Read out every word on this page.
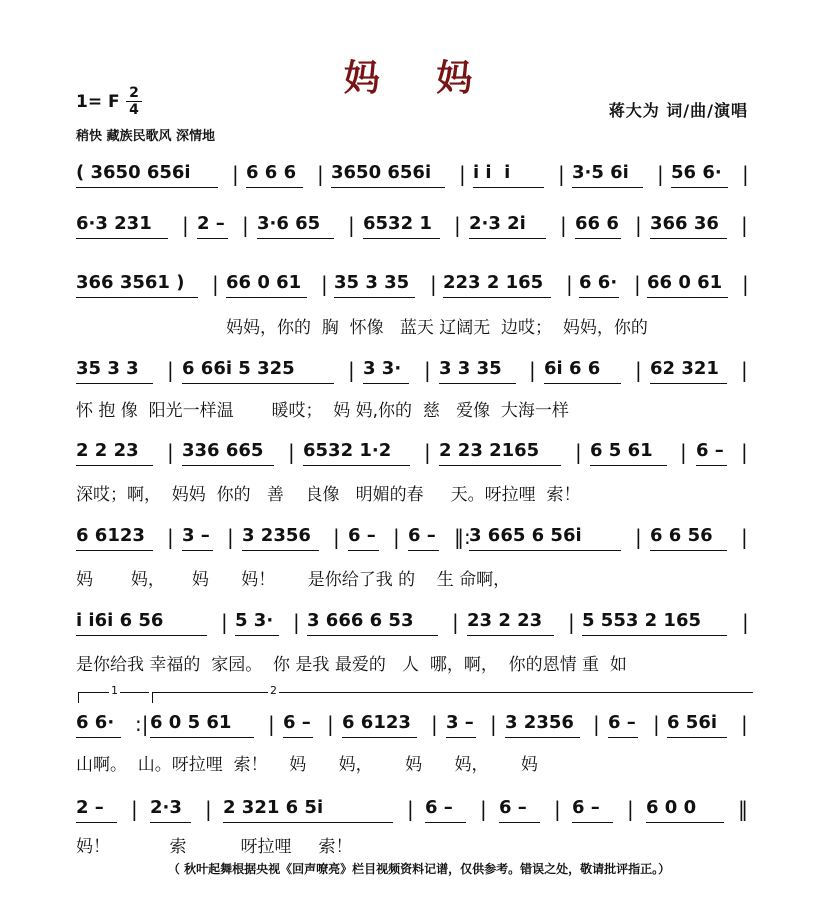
妈 妈
1= F 2
4
稍快 藏族民歌风 深情地
蒋大为 词/曲/演唱
( 3650 656i | 6 6 6 | 3650 656i | i i  i | 3·5 6i | 56 6· |
6·3 231 | 2 – | 3·6 65 | 6532 1 | 2·3 2i | 66 6 | 366 36 |
366 3561 ) | 66 0 61 | 35 3 35 | 223 2 165 | 6 6· | 66 0 61 |
妈妈，你的  胸  怀像   蓝天 辽阔无  边哎；  妈妈，你的
35 3 3 | 6 66i 5 325	| 3 3· | 3 3 35 | 6i 6 6 | 62 321 |
怀 抱 像  阳光一样温       暖哎；  妈 妈,你的  慈   爱像  大海一样
2 2 23 | 336 665 | 6532 1·2 | 2 23 2165 | 6 5 61 | 6 – |
深哎；啊，  妈妈  你的   善    良像   明媚的春     天。呀拉哩  索！
6 6123 | 3 – | 3 2356 | 6 – | 6 – ‖:
3 665 6 56i	| 6 6 56 |
妈       妈，     妈      妈！      是你给了我 的    生 命啊，
i i6i 6 56	| 5 3· | 3 666 6 53 | 23 2 23 | 5 553 2 165 |
是你给我 幸福的  家园。  你 是我 最爱的   人  哪，啊，  你的恩情 重  如
6 6· :| 6 0 5 61 | 6 – | 6 6123 | 3 – | 3 2356 | 6 – | 6 56i |
山啊。  山。呀拉哩  索！    妈      妈，      妈      妈，      妈
2 – | 2·3 | 2 321 6 5i	| 6 – | 6 – | 6 – | 6 0 0 ‖
妈！           索          呀拉哩     索！
1	2
（ 秋叶起舞根据央视《回声嘹亮》栏目视频资料记谱，仅供参考。错误之处，敬请批评指正。）
